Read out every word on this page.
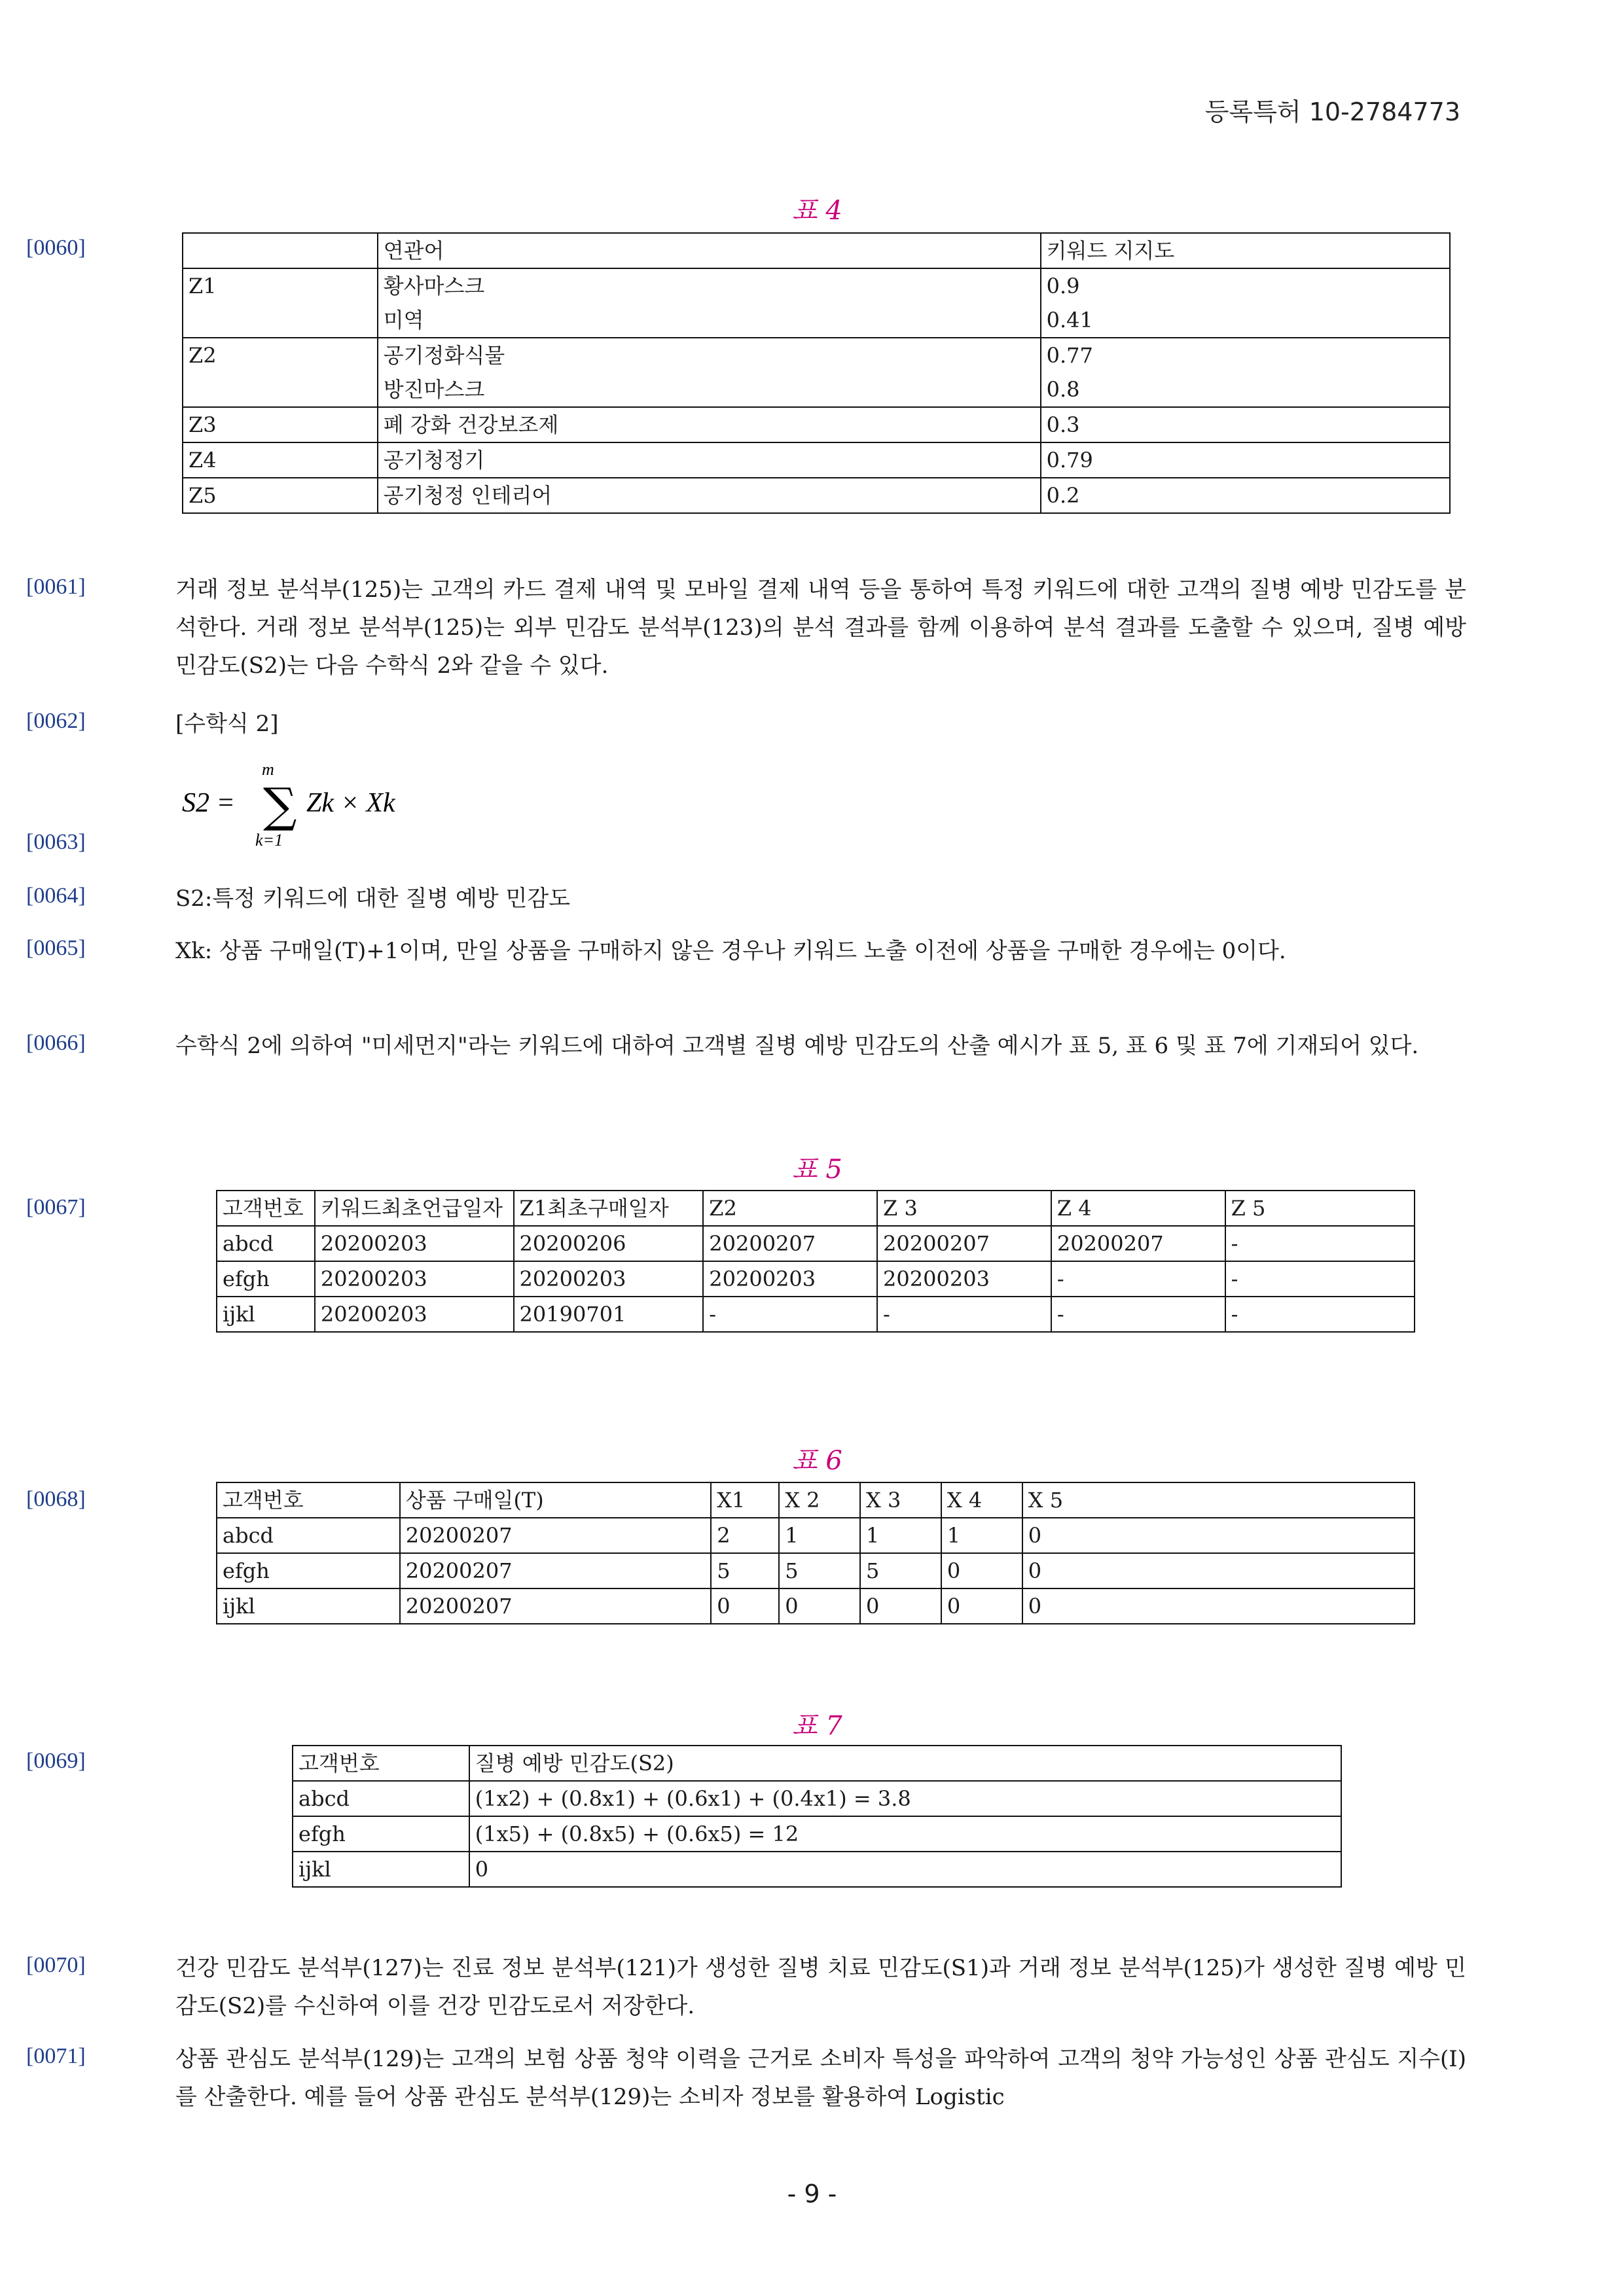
등록특허 10-2784773
표 4
[0060]
		연관어	키워드 지지도
Z1	황사마스크	0.9
	미역	0.41
Z2	공기정화식물	0.77
	방진마스크	0.8
Z3	폐 강화 건강보조제	0.3
Z4	공기청정기	0.79
Z5	공기청정 인테리어	0.2
[0061]	거래 정보 분석부(125)는 고객의 카드 결제 내역 및 모바일 결제 내역 등을 통하여 특정 키워드에 대한 고객의 질병 예방 민감도를 분석한다. 거래 정보 분석부(125)는 외부 민감도 분석부(123)의 분석 결과를 함께 이용하여 분석 결과를 도출할 수 있으며, 질병 예방 민감도(S2)는 다음 수학식 2와 같을 수 있다.
[0062]	[수학식 2]
S2 =
m
∑
k=1
Zk × Xk
[0063]
[0064]	S2:특정 키워드에 대한 질병 예방 민감도
[0065]	Xk: 상품 구매일(T)+1이며, 만일 상품을 구매하지 않은 경우나 키워드 노출 이전에 상품을 구매한 경우에는 0이다.
[0066]	수학식 2에 의하여 "미세먼지"라는 키워드에 대하여 고객별 질병 예방 민감도의 산출 예시가 표 5, 표 6 및 표 7에 기재되어 있다.
표 5
[0067]	고객번호	키워드최초언급일자	Z1최초구매일자	Z2	Z 3	Z 4	Z 5
abcd	20200203	20200206	20200207	20200207	20200207	-
efgh	20200203	20200203	20200203	20200203	-	-
ijkl	20200203	20190701	-	-	-	-
표 6
[0068]	고객번호	상품 구매일(T)	X1	X 2	X 3	X 4	X 5
abcd	20200207	2	1	1	1	0
efgh	20200207	5	5	5	0	0
ijkl	20200207	0	0	0	0	0
표 7
[0069]	고객번호	질병 예방 민감도(S2)
abcd	(1x2) + (0.8x1) + (0.6x1) + (0.4x1) = 3.8
efgh	(1x5) + (0.8x5) + (0.6x5) = 12
ijkl	0
[0070]	건강 민감도 분석부(127)는 진료 정보 분석부(121)가 생성한 질병 치료 민감도(S1)과 거래 정보 분석부(125)가 생성한 질병 예방 민감도(S2)를 수신하여 이를 건강 민감도로서 저장한다.
[0071]	상품 관심도 분석부(129)는 고객의 보험 상품 청약 이력을 근거로 소비자 특성을 파악하여 고객의 청약 가능성인 상품 관심도 지수(I)를 산출한다. 예를 들어 상품 관심도 분석부(129)는 소비자 정보를 활용하여 Logistic
- 9 -
